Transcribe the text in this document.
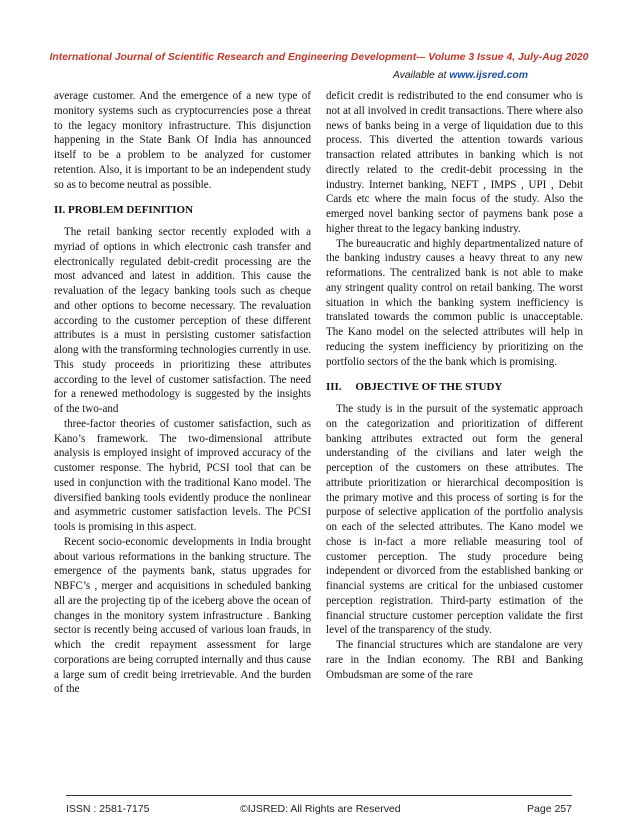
International Journal of Scientific Research and Engineering Development-– Volume 3 Issue 4, July-Aug 2020
Available at www.ijsred.com

average customer. And the emergence of a new type of monitory systems such as cryptocurrencies pose a threat to the legacy monitory infrastructure. This disjunction happening in the State Bank Of India has announced itself to be a problem to be analyzed for customer retention. Also, it is important to be an independent study so as to become neutral as possible.

II. PROBLEM DEFINITION

The retail banking sector recently exploded with a myriad of options in which electronic cash transfer and electronically regulated debit-credit processing are the most advanced and latest in addition. This cause the revaluation of the legacy banking tools such as cheque and other options to become necessary. The revaluation according to the customer perception of these different attributes is a must in persisting customer satisfaction along with the transforming technologies currently in use. This study proceeds in prioritizing these attributes according to the level of customer satisfaction. The need for a renewed methodology is suggested by the insights of the two-and

three-factor theories of customer satisfaction, such as Kano’s framework. The two-dimensional attribute analysis is employed insight of improved accuracy of the customer response. The hybrid, PCSI tool that can be used in conjunction with the traditional Kano model. The diversified banking tools evidently produce the nonlinear and asymmetric customer satisfaction levels. The PCSI tools is promising in this aspect.

Recent socio-economic developments in India brought about various reformations in the banking structure. The emergence of the payments bank, status upgrades for NBFC’s , merger and acquisitions in scheduled banking all are the projecting tip of the iceberg above the ocean of changes in the monitory system infrastructure . Banking sector is recently being accused of various loan frauds, in which the credit repayment assessment for large corporations are being corrupted internally and thus cause a large sum of credit being irretrievable. And the burden of the

deficit credit is redistributed to the end consumer who is not at all involved in credit transactions. There where also news of banks being in a verge of liquidation due to this process. This diverted the attention towards various transaction related attributes in banking which is not directly related to the credit-debit processing in the industry. Internet banking, NEFT , IMPS , UPI , Debit Cards etc where the main focus of the study. Also the emerged novel banking sector of paymens bank pose a higher threat to the legacy banking industry.

The bureaucratic and highly departmentalized nature of the banking industry causes a heavy threat to any new reformations. The centralized bank is not able to make any stringent quality control on retail banking. The worst situation in which the banking system inefficiency is translated towards the common public is unacceptable. The Kano model on the selected attributes will help in reducing the system inefficiency by prioritizing on the portfolio sectors of the the bank which is promising.

III.     OBJECTIVE OF THE STUDY

The study is in the pursuit of the systematic approach on the categorization and prioritization of different banking attributes extracted out form the general understanding of the civilians and later weigh the perception of the customers on these attributes. The attribute prioritization or hierarchical decomposition is the primary motive and this process of sorting is for the purpose of selective application of the portfolio analysis on each of the selected attributes. The Kano model we chose is in-fact a more reliable measuring tool of customer perception. The study procedure being independent or divorced from the established banking or financial systems are critical for the unbiased customer perception registration. Third-party estimation of the financial structure customer perception validate the first level of the transparency of the study.

The financial structures which are standalone are very rare in the Indian economy. The RBI and Banking Ombudsman are some of the rare

ISSN : 2581-7175	©IJSRED: All Rights are Reserved	Page 257
